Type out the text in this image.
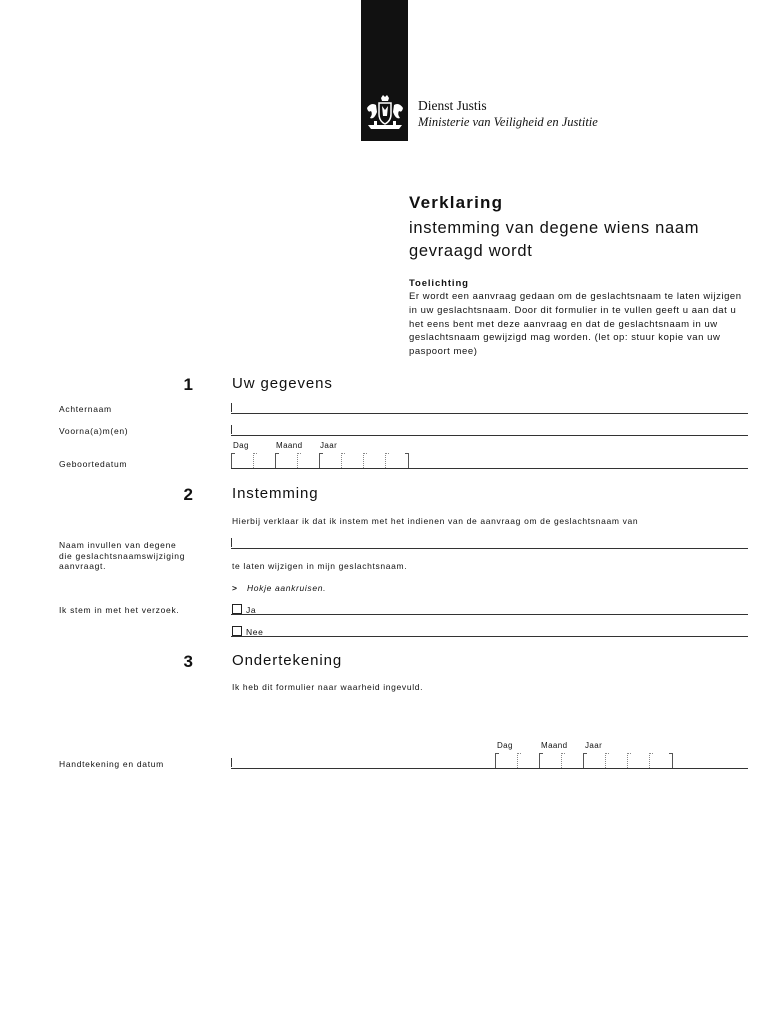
Dienst Justis
Ministerie van Veiligheid en Justitie
Verklaring
instemming van degene wiens naam gevraagd wordt
Toelichting
Er wordt een aanvraag gedaan om de geslachtsnaam te laten wijzigen in uw geslachtsnaam. Door dit formulier in te vullen geeft u aan dat u het eens bent met deze aanvraag en dat de geslachtsnaam in uw geslachtsnaam gewijzigd mag worden. (let op: stuur kopie van uw paspoort mee)
1	Uw gegevens
Achternaam
Voorna(a)m(en)
Dag	Maand Jaar
Geboortedatum
2	Instemming
Hierbij verklaar ik dat ik instem met het indienen van de aanvraag om de geslachtsnaam van
Naam invullen van degene
die geslachtsnaamswijziging
aanvraagt.	te laten wijzigen in mijn geslachtsnaam.
> Hokje aankruisen.
Ik stem in met het verzoek.	Ja
Nee
3	Ondertekening
Ik heb dit formulier naar waarheid ingevuld.
Dag	Maand Jaar
Handtekening en datum
